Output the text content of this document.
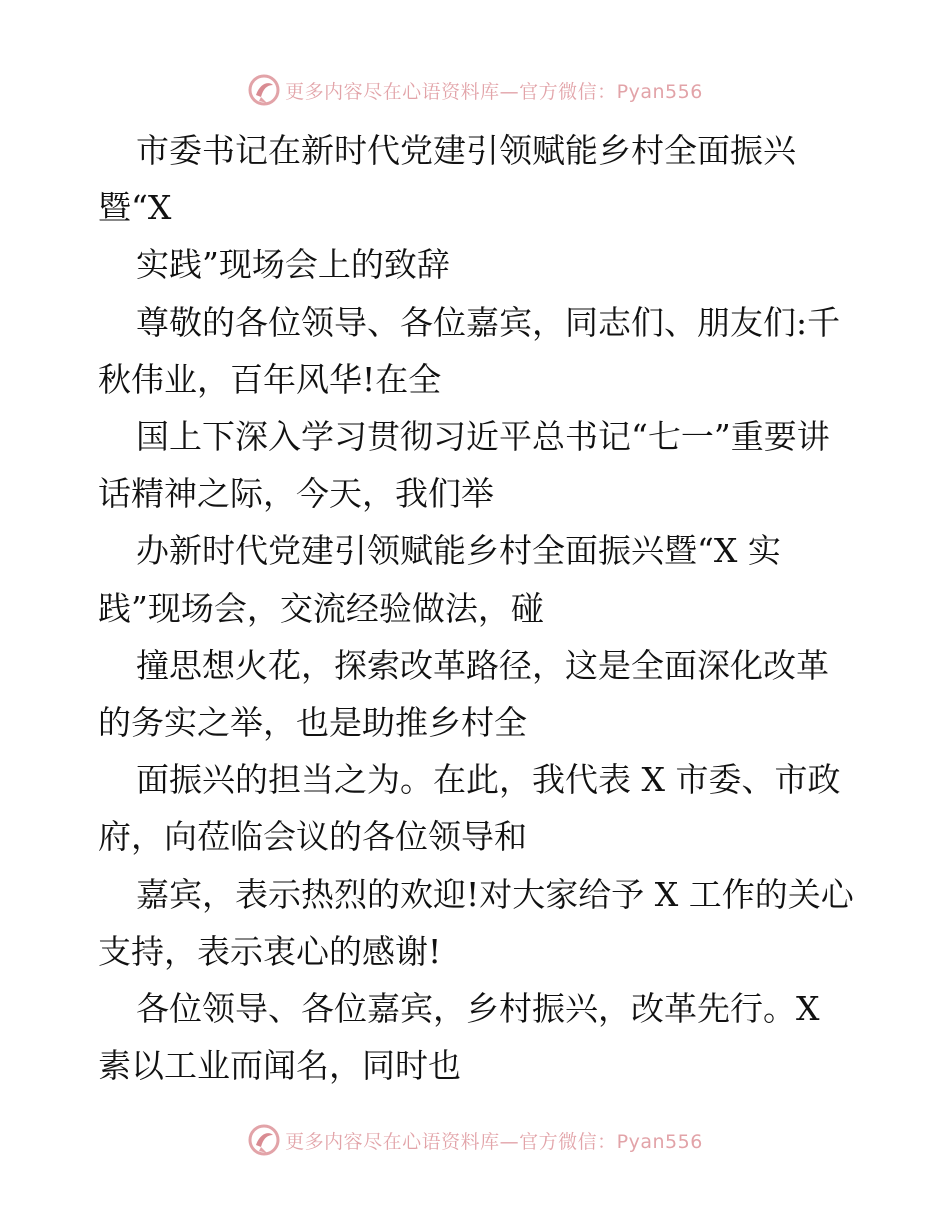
更多内容尽在心语资料库—官方微信：Pyan556

市委书记在新时代党建引领赋能乡村全面振兴暨“X

实践”现场会上的致辞

尊敬的各位领导、各位嘉宾，同志们、朋友们:千秋伟业，百年风华!在全

国上下深入学习贯彻习近平总书记“七一”重要讲话精神之际，今天，我们举

办新时代党建引领赋能乡村全面振兴暨“X 实践”现场会，交流经验做法，碰

撞思想火花，探索改革路径，这是全面深化改革的务实之举，也是助推乡村全

面振兴的担当之为。在此，我代表 X 市委、市政府，向莅临会议的各位领导和

嘉宾，表示热烈的欢迎!对大家给予 X 工作的关心支持，表示衷心的感谢!

各位领导、各位嘉宾，乡村振兴，改革先行。X 素以工业而闻名，同时也

更多内容尽在心语资料库—官方微信：Pyan556
